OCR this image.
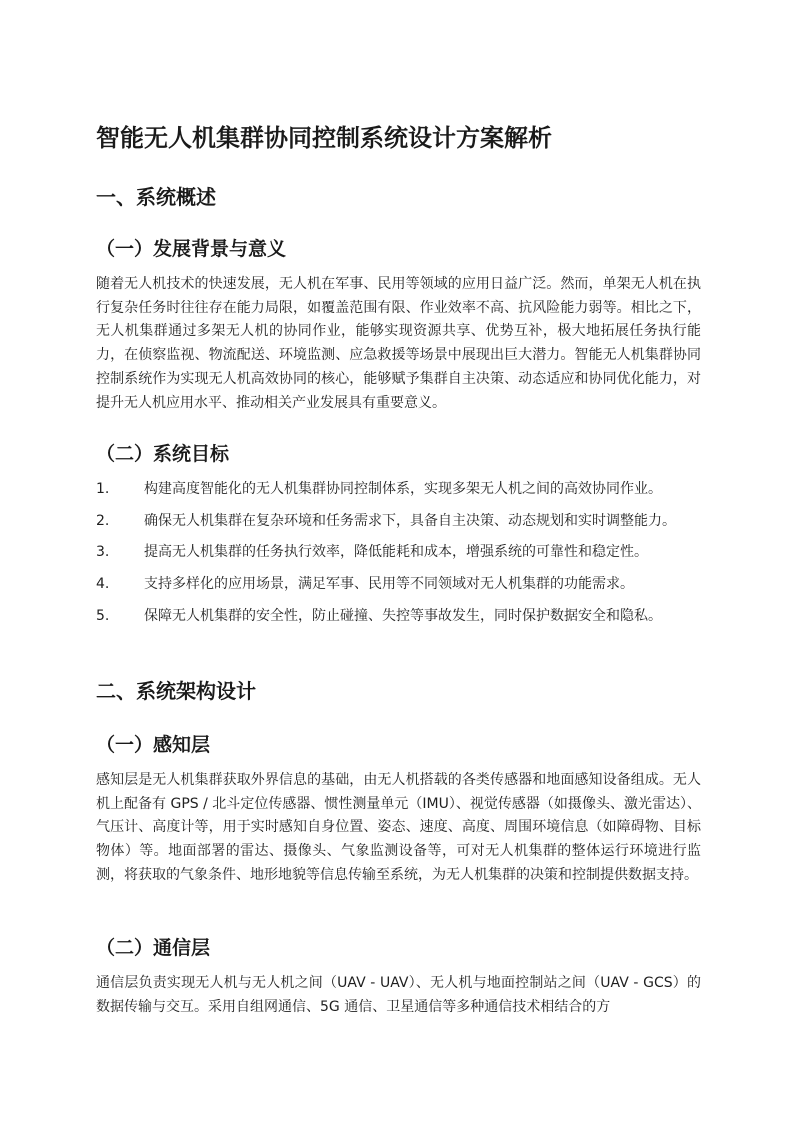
智能无人机集群协同控制系统设计方案解析
一、系统概述
（一）发展背景与意义
随着无人机技术的快速发展，无人机在军事、民用等领域的应用日益广泛。然而，单架无人机在执行复杂任务时往往存在能力局限，如覆盖范围有限、作业效率不高、抗风险能力弱等。相比之下，无人机集群通过多架无人机的协同作业，能够实现资源共享、优势互补，极大地拓展任务执行能力，在侦察监视、物流配送、环境监测、应急救援等场景中展现出巨大潜力。智能无人机集群协同控制系统作为实现无人机高效协同的核心，能够赋予集群自主决策、动态适应和协同优化能力，对提升无人机应用水平、推动相关产业发展具有重要意义。
（二）系统目标
1.	构建高度智能化的无人机集群协同控制体系，实现多架无人机之间的高效协同作业。
2.	确保无人机集群在复杂环境和任务需求下，具备自主决策、动态规划和实时调整能力。
3.	提高无人机集群的任务执行效率，降低能耗和成本，增强系统的可靠性和稳定性。
4.	支持多样化的应用场景，满足军事、民用等不同领域对无人机集群的功能需求。
5.	保障无人机集群的安全性，防止碰撞、失控等事故发生，同时保护数据安全和隐私。
二、系统架构设计
（一）感知层
感知层是无人机集群获取外界信息的基础，由无人机搭载的各类传感器和地面感知设备组成。无人机上配备有 GPS / 北斗定位传感器、惯性测量单元（IMU）、视觉传感器（如摄像头、激光雷达）、气压计、高度计等，用于实时感知自身位置、姿态、速度、高度、周围环境信息（如障碍物、目标物体）等。地面部署的雷达、摄像头、气象监测设备等，可对无人机集群的整体运行环境进行监测，将获取的气象条件、地形地貌等信息传输至系统，为无人机集群的决策和控制提供数据支持。
（二）通信层
通信层负责实现无人机与无人机之间（UAV - UAV）、无人机与地面控制站之间（UAV - GCS）的数据传输与交互。采用自组网通信、5G 通信、卫星通信等多种通信技术相结合的方
